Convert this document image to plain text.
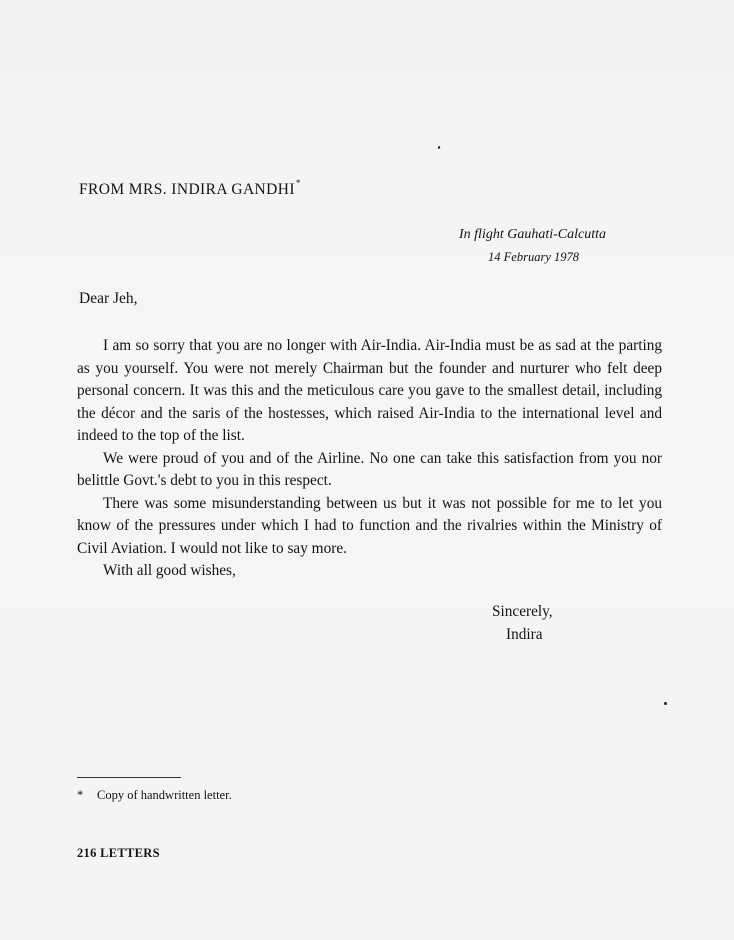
FROM MRS. INDIRA GANDHI*
In flight Gauhati-Calcutta
14 February 1978
Dear Jeh,

I am so sorry that you are no longer with Air-India. Air-India must be as sad at the parting as you yourself. You were not merely Chairman but the founder and nurturer who felt deep personal concern. It was this and the meticulous care you gave to the smallest detail, including the décor and the saris of the hostesses, which raised Air-India to the international level and indeed to the top of the list.

We were proud of you and of the Airline. No one can take this satisfaction from you nor belittle Govt.'s debt to you in this respect.

There was some misunderstanding between us but it was not possible for me to let you know of the pressures under which I had to function and the rivalries within the Ministry of Civil Aviation. I would not like to say more.

With all good wishes,

Sincerely,
Indira
* Copy of handwritten letter.
216 LETTERS
